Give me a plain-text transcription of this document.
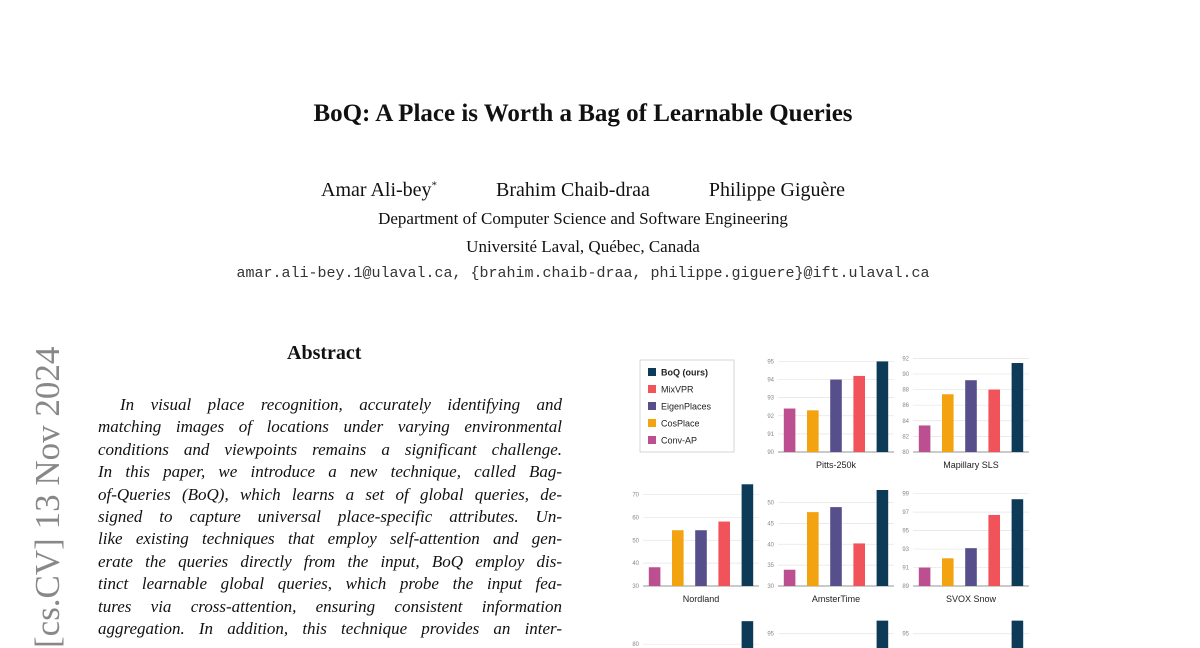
[cs.CV] 13 Nov 2024
BoQ: A Place is Worth a Bag of Learnable Queries
Amar Ali-bey*	Brahim Chaib-draa	Philippe Giguère
Department of Computer Science and Software Engineering
Université Laval, Québec, Canada
amar.ali-bey.1@ulaval.ca, {brahim.chaib-draa, philippe.giguere}@ift.ulaval.ca
Abstract
In visual place recognition, accurately identifying and
matching images of locations under varying environmental
conditions and viewpoints remains a significant challenge.
In this paper, we introduce a new technique, called Bag-
of-Queries (BoQ), which learns a set of global queries, de-
signed to capture universal place-specific attributes. Un-
like existing techniques that employ self-attention and gen-
erate the queries directly from the input, BoQ employ dis-
tinct learnable global queries, which probe the input fea-
tures via cross-attention, ensuring consistent information
aggregation. In addition, this technique provides an inter-
BoQ (ours)
MixVPR
EigenPlaces
CosPlace
Conv-AP
90
91
92
93
94
95
Pitts-250k
80
82
84
86
88
90
92
Mapillary SLS
30
40
50
60
70
Nordland
30
35
40
45
50
AmsterTime
89
91
93
95
97
99
SVOX Snow
80
95	95
